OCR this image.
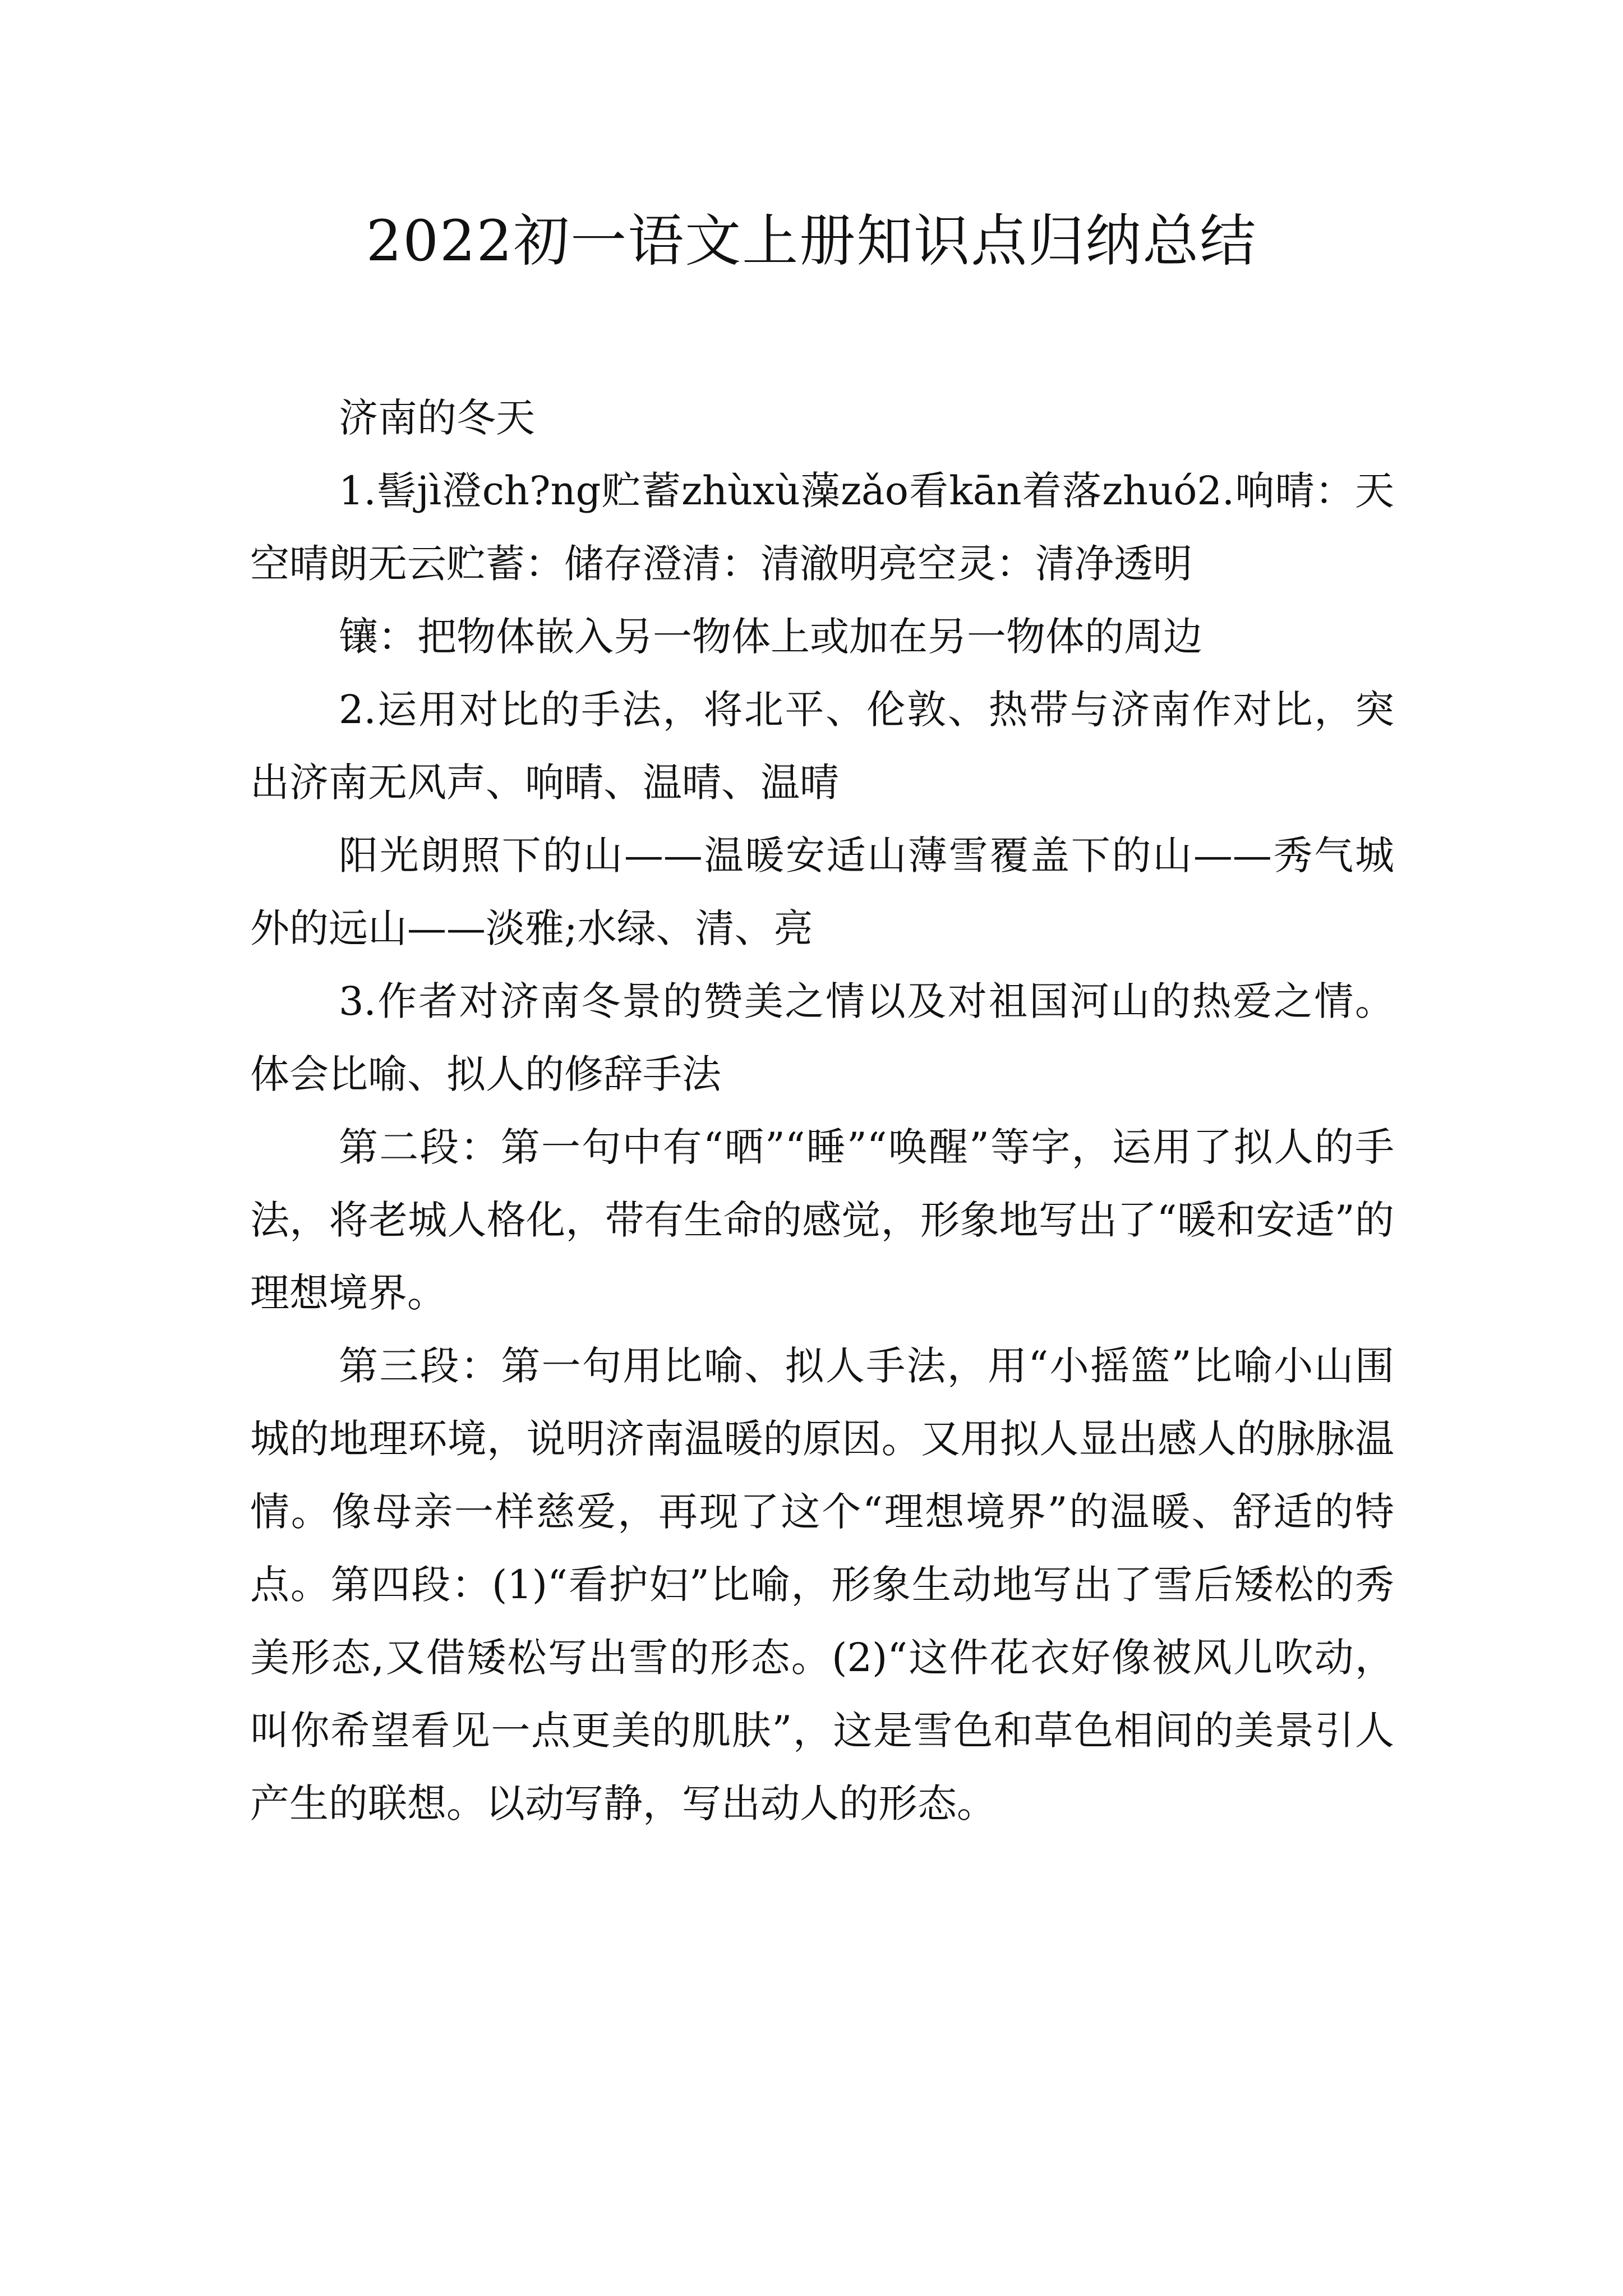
2022初一语文上册知识点归纳总结

济南的冬天

1.髻jì澄ch?ng贮蓄zhùxù藻zǎo看kān着落zhuó2.响晴：天空晴朗无云贮蓄：储存澄清：清澈明亮空灵：清净透明

镶：把物体嵌入另一物体上或加在另一物体的周边

2.运用对比的手法，将北平、伦敦、热带与济南作对比，突出济南无风声、响晴、温晴、温晴

阳光朗照下的山——温暖安适山薄雪覆盖下的山——秀气城外的远山——淡雅;水绿、清、亮

3.作者对济南冬景的赞美之情以及对祖国河山的热爱之情。体会比喻、拟人的修辞手法

第二段：第一句中有“晒”“睡”“唤醒”等字，运用了拟人的手法，将老城人格化，带有生命的感觉，形象地写出了“暖和安适”的理想境界。

第三段：第一句用比喻、拟人手法，用“小摇篮”比喻小山围城的地理环境，说明济南温暖的原因。又用拟人显出感人的脉脉温情。像母亲一样慈爱，再现了这个“理想境界”的温暖、舒适的特点。第四段：(1)“看护妇”比喻，形象生动地写出了雪后矮松的秀美形态,又借矮松写出雪的形态。(2)“这件花衣好像被风儿吹动，叫你希望看见一点更美的肌肤”，这是雪色和草色相间的美景引人产生的联想。以动写静，写出动人的形态。
